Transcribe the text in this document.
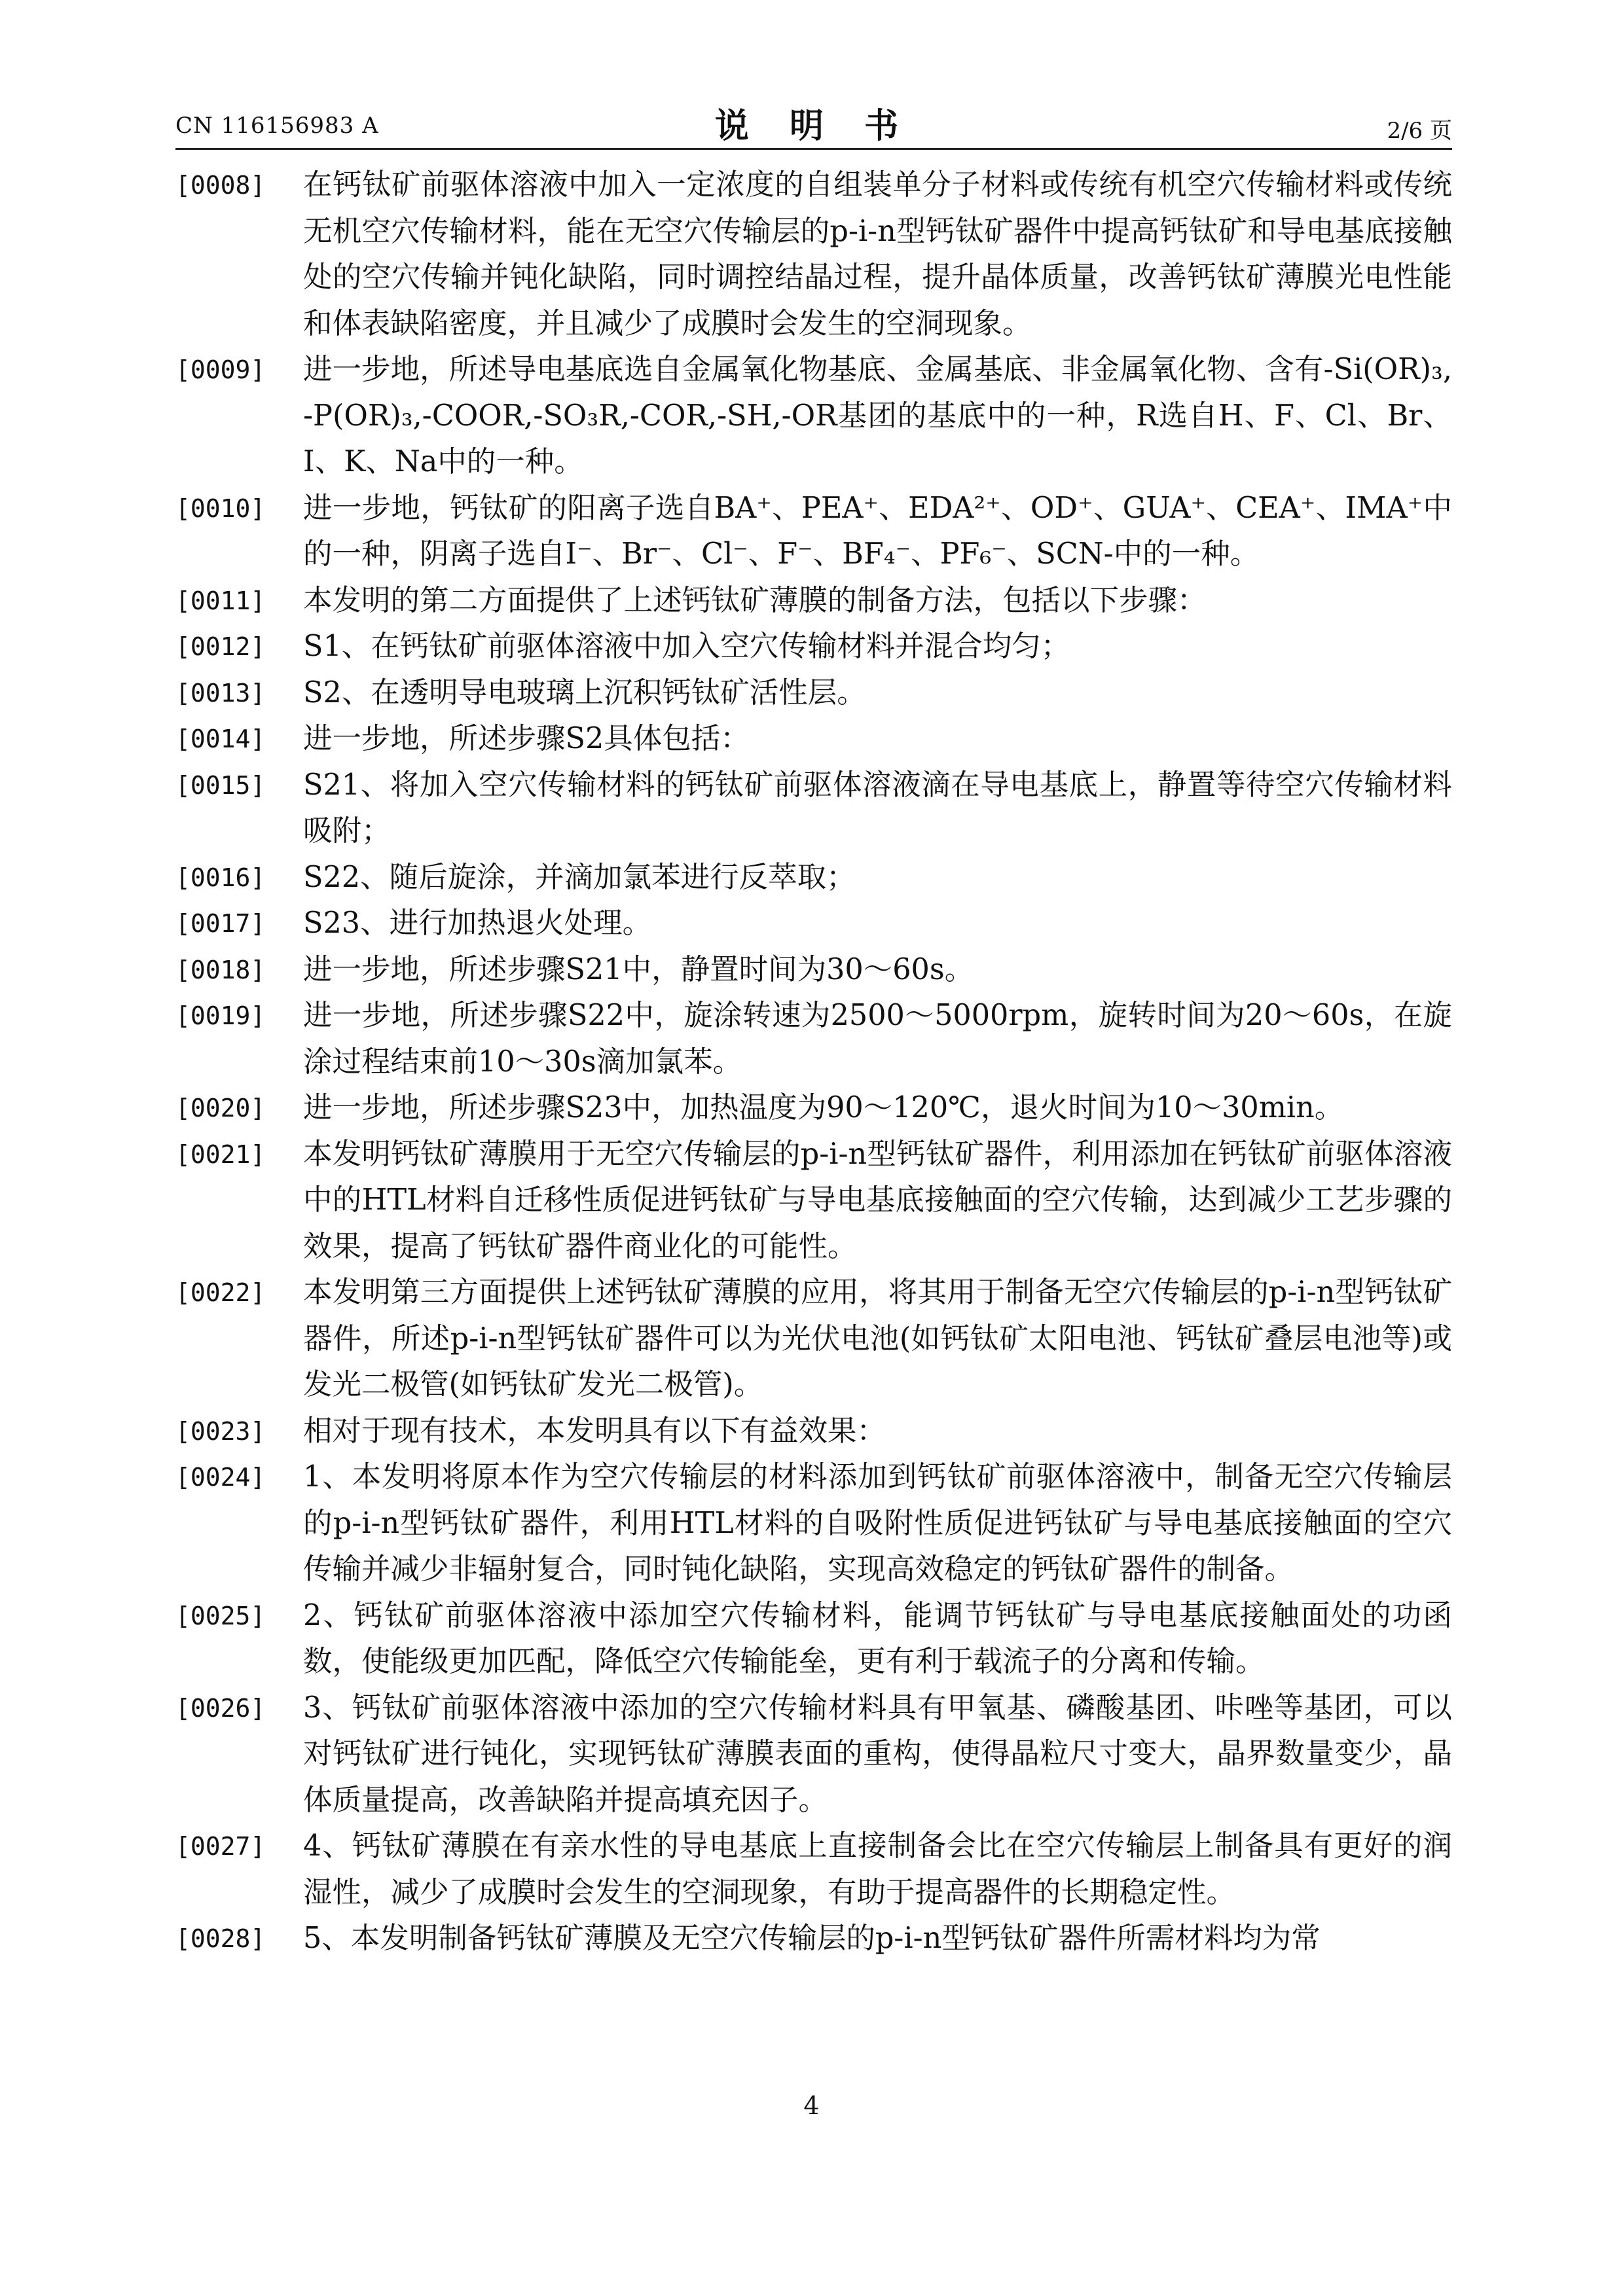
CN 116156983 A	说 明 书	2/6 页
[0008] 在钙钛矿前驱体溶液中加入一定浓度的自组装单分子材料或传统有机空穴传输材料或传统无机空穴传输材料，能在无空穴传输层的p-i-n型钙钛矿器件中提高钙钛矿和导电基底接触处的空穴传输并钝化缺陷，同时调控结晶过程，提升晶体质量，改善钙钛矿薄膜光电性能和体表缺陷密度，并且减少了成膜时会发生的空洞现象。
[0009] 进一步地，所述导电基底选自金属氧化物基底、金属基底、非金属氧化物、含有-Si(OR)₃,-P(OR)₃,-COOR,-SO₃R,-COR,-SH,-OR基团的基底中的一种，R选自H、F、Cl、Br、I、K、Na中的一种。
[0010] 进一步地，钙钛矿的阳离子选自BA⁺、PEA⁺、EDA²⁺、OD⁺、GUA⁺、CEA⁺、IMA⁺中的一种，阴离子选自I⁻、Br⁻、Cl⁻、F⁻、BF₄⁻、PF₆⁻、SCN-中的一种。
[0011] 本发明的第二方面提供了上述钙钛矿薄膜的制备方法，包括以下步骤：
[0012] S1、在钙钛矿前驱体溶液中加入空穴传输材料并混合均匀；
[0013] S2、在透明导电玻璃上沉积钙钛矿活性层。
[0014] 进一步地，所述步骤S2具体包括：
[0015] S21、将加入空穴传输材料的钙钛矿前驱体溶液滴在导电基底上，静置等待空穴传输材料吸附；
[0016] S22、随后旋涂，并滴加氯苯进行反萃取；
[0017] S23、进行加热退火处理。
[0018] 进一步地，所述步骤S21中，静置时间为30～60s。
[0019] 进一步地，所述步骤S22中，旋涂转速为2500～5000rpm，旋转时间为20～60s，在旋涂过程结束前10～30s滴加氯苯。
[0020] 进一步地，所述步骤S23中，加热温度为90～120℃，退火时间为10～30min。
[0021] 本发明钙钛矿薄膜用于无空穴传输层的p-i-n型钙钛矿器件，利用添加在钙钛矿前驱体溶液中的HTL材料自迁移性质促进钙钛矿与导电基底接触面的空穴传输，达到减少工艺步骤的效果，提高了钙钛矿器件商业化的可能性。
[0022] 本发明第三方面提供上述钙钛矿薄膜的应用，将其用于制备无空穴传输层的p-i-n型钙钛矿器件，所述p-i-n型钙钛矿器件可以为光伏电池(如钙钛矿太阳电池、钙钛矿叠层电池等)或发光二极管(如钙钛矿发光二极管)。
[0023] 相对于现有技术，本发明具有以下有益效果：
[0024] 1、本发明将原本作为空穴传输层的材料添加到钙钛矿前驱体溶液中，制备无空穴传输层的p-i-n型钙钛矿器件，利用HTL材料的自吸附性质促进钙钛矿与导电基底接触面的空穴传输并减少非辐射复合，同时钝化缺陷，实现高效稳定的钙钛矿器件的制备。
[0025] 2、钙钛矿前驱体溶液中添加空穴传输材料，能调节钙钛矿与导电基底接触面处的功函数，使能级更加匹配，降低空穴传输能垒，更有利于载流子的分离和传输。
[0026] 3、钙钛矿前驱体溶液中添加的空穴传输材料具有甲氧基、磷酸基团、咔唑等基团，可以对钙钛矿进行钝化，实现钙钛矿薄膜表面的重构，使得晶粒尺寸变大，晶界数量变少，晶体质量提高，改善缺陷并提高填充因子。
[0027] 4、钙钛矿薄膜在有亲水性的导电基底上直接制备会比在空穴传输层上制备具有更好的润湿性，减少了成膜时会发生的空洞现象，有助于提高器件的长期稳定性。
[0028] 5、本发明制备钙钛矿薄膜及无空穴传输层的p-i-n型钙钛矿器件所需材料均为常
4
